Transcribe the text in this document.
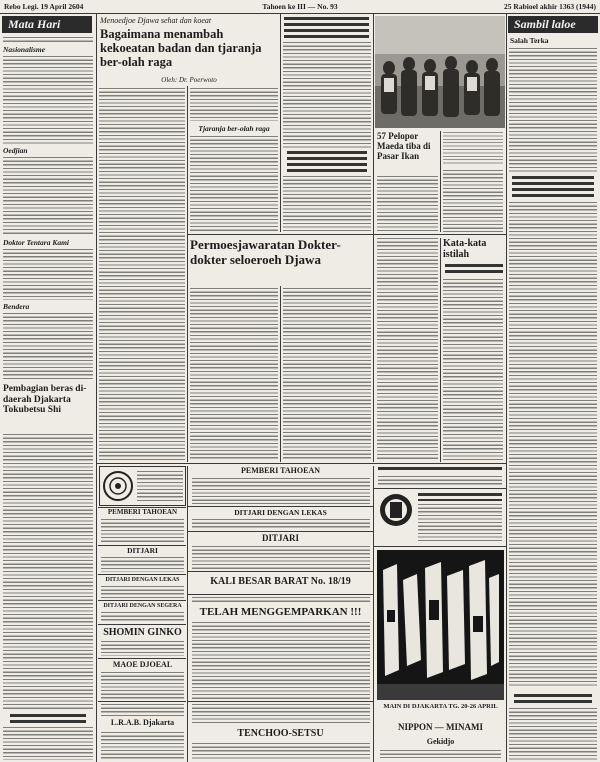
Rebo Legi. 19 April 2604	Tahoen ke III — No. 93	25 Rabioel akhir 1363 (1944)
Mata Hari
Nasionalisme
Oedjian
Doktor Tentara Kami
Bendera
Pembagian beras di-daerah Djakarta Tokubetsu Shi
Menoedjoe Djawa sehat dan koeat
Bagaimana menambah kekoeatan badan dan tjaranja ber-olah raga
Oleh: Dr. Poerwoto
Tjaranja ber-olah raga
Permoesjawaratan Dokter-dokter seloeroeh Djawa
57 Pelopor Maeda tiba di Pasar Ikan
Kata-kata istilah
Sambil laloe
Salah Terka
PEMBERI TAHOEAN
DITJARI
DITJARI DENGAN LEKAS
DITJARI DENGAN SEGERA
SHOMIN GINKO
MAOE DJOEAL
L.R.A.B. Djakarta
PEMBERI TAHOEAN
DITJARI DENGAN LEKAS
DITJARI
KALI BESAR BARAT No. 18/19
TELAH MENGGEMPARKAN !!!
TENCHOO-SETSU
MAIN DI DJAKARTA TG. 20-26 APRIL
NIPPON — MINAMI
Gekidjo
